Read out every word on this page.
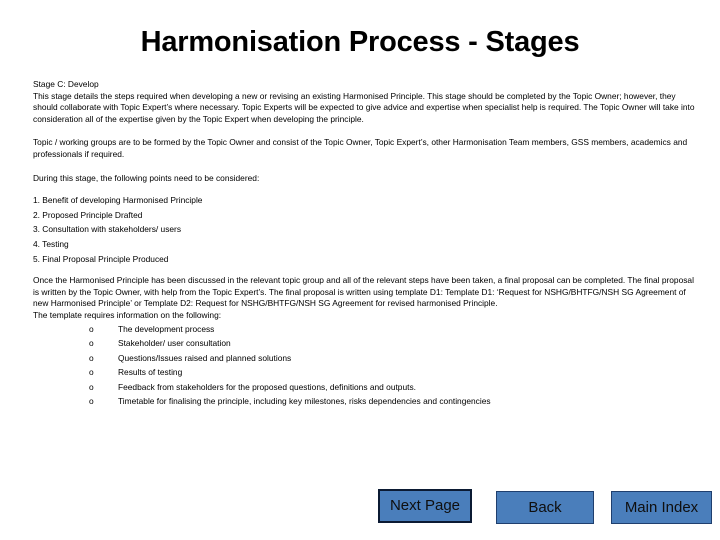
Harmonisation Process - Stages

Stage C: Develop

This stage details the steps required when developing a new or revising an existing Harmonised Principle. This stage should be completed by the Topic Owner; however, they should collaborate with Topic Expert’s where necessary. Topic Experts will be expected to give advice and expertise when specialist help is required. The Topic Owner will take into consideration all of the expertise given by the Topic Expert when developing the principle.

Topic / working groups are to be formed by the Topic Owner and consist of the Topic Owner, Topic Expert’s, other Harmonisation Team members, GSS members, academics and professionals if required.

During this stage, the following points need to be considered:

1. Benefit of developing Harmonised Principle

2. Proposed Principle Drafted

3. Consultation with stakeholders/ users

4. Testing

5. Final Proposal Principle Produced

Once the Harmonised Principle has been discussed in the relevant topic group and all of the relevant steps have been taken, a final proposal can be completed. The final proposal is written by the Topic Owner, with help from the Topic Expert’s. The final proposal is written using template D1: Template D1: ‘Request for NSHG/BHTFG/NSH SG Agreement of new Harmonised Principle’ or Template D2: Request for NSHG/BHTFG/NSH SG Agreement for revised harmonised Principle.

The template requires information on the following:

o	The development process
o	Stakeholder/ user consultation
o	Questions/Issues raised and planned solutions
o	Results of testing
o	Feedback from stakeholders for the proposed questions, definitions and outputs.
o	Timetable for finalising the principle, including key milestones, risks dependencies and contingencies
Next Page	Back	Main Index
